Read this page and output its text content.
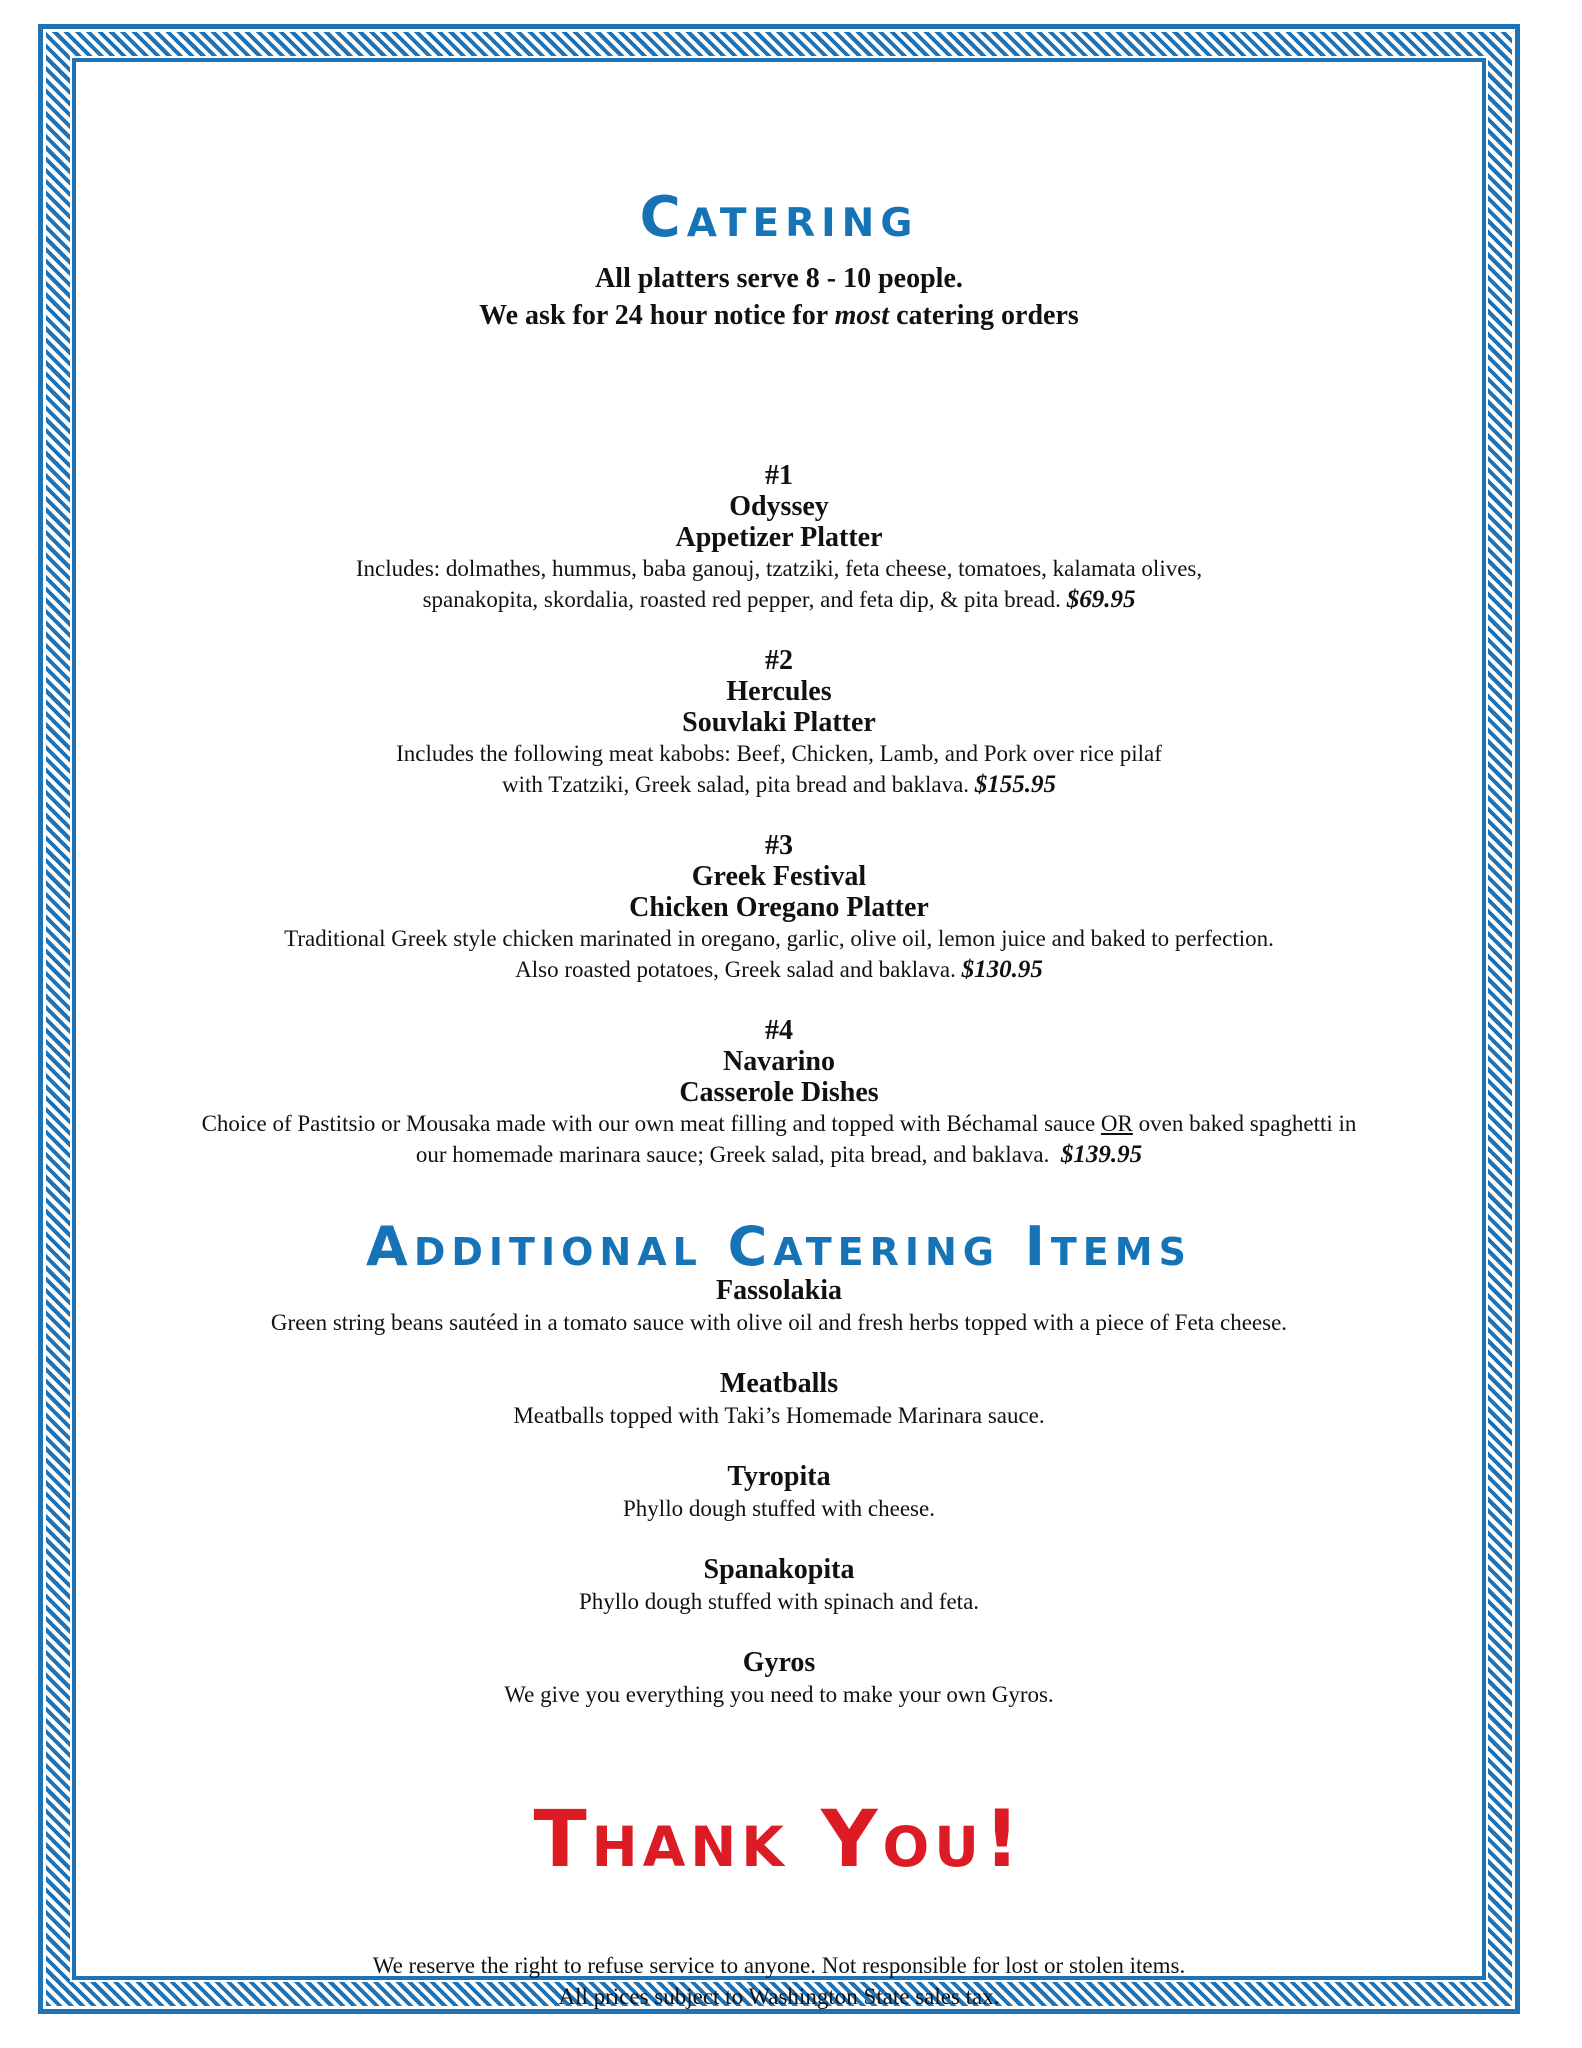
Catering
All platters serve 8 - 10 people.
We ask for 24 hour notice for most catering orders
#1
Odyssey
Appetizer Platter
Includes: dolmathes, hummus, baba ganouj, tzatziki, feta cheese, tomatoes, kalamata olives,
spanakopita, skordalia, roasted red pepper, and feta dip, & pita bread. $69.95
#2
Hercules
Souvlaki Platter
Includes the following meat kabobs: Beef, Chicken, Lamb, and Pork over rice pilaf
with Tzatziki, Greek salad, pita bread and baklava. $155.95
#3
Greek Festival
Chicken Oregano Platter
Traditional Greek style chicken marinated in oregano, garlic, olive oil, lemon juice and baked to perfection.
Also roasted potatoes, Greek salad and baklava. $130.95
#4
Navarino
Casserole Dishes
Choice of Pastitsio or Mousaka made with our own meat filling and topped with Béchamal sauce OR oven baked spaghetti in
our homemade marinara sauce; Greek salad, pita bread, and baklava. $139.95
Additional Catering Items
Fassolakia
Green string beans sautéed in a tomato sauce with olive oil and fresh herbs topped with a piece of Feta cheese.
Meatballs
Meatballs topped with Taki’s Homemade Marinara sauce.
Tyropita
Phyllo dough stuffed with cheese.
Spanakopita
Phyllo dough stuffed with spinach and feta.
Gyros
We give you everything you need to make your own Gyros.
Thank You!
We reserve the right to refuse service to anyone. Not responsible for lost or stolen items.
All prices subject to Washington State sales tax.
